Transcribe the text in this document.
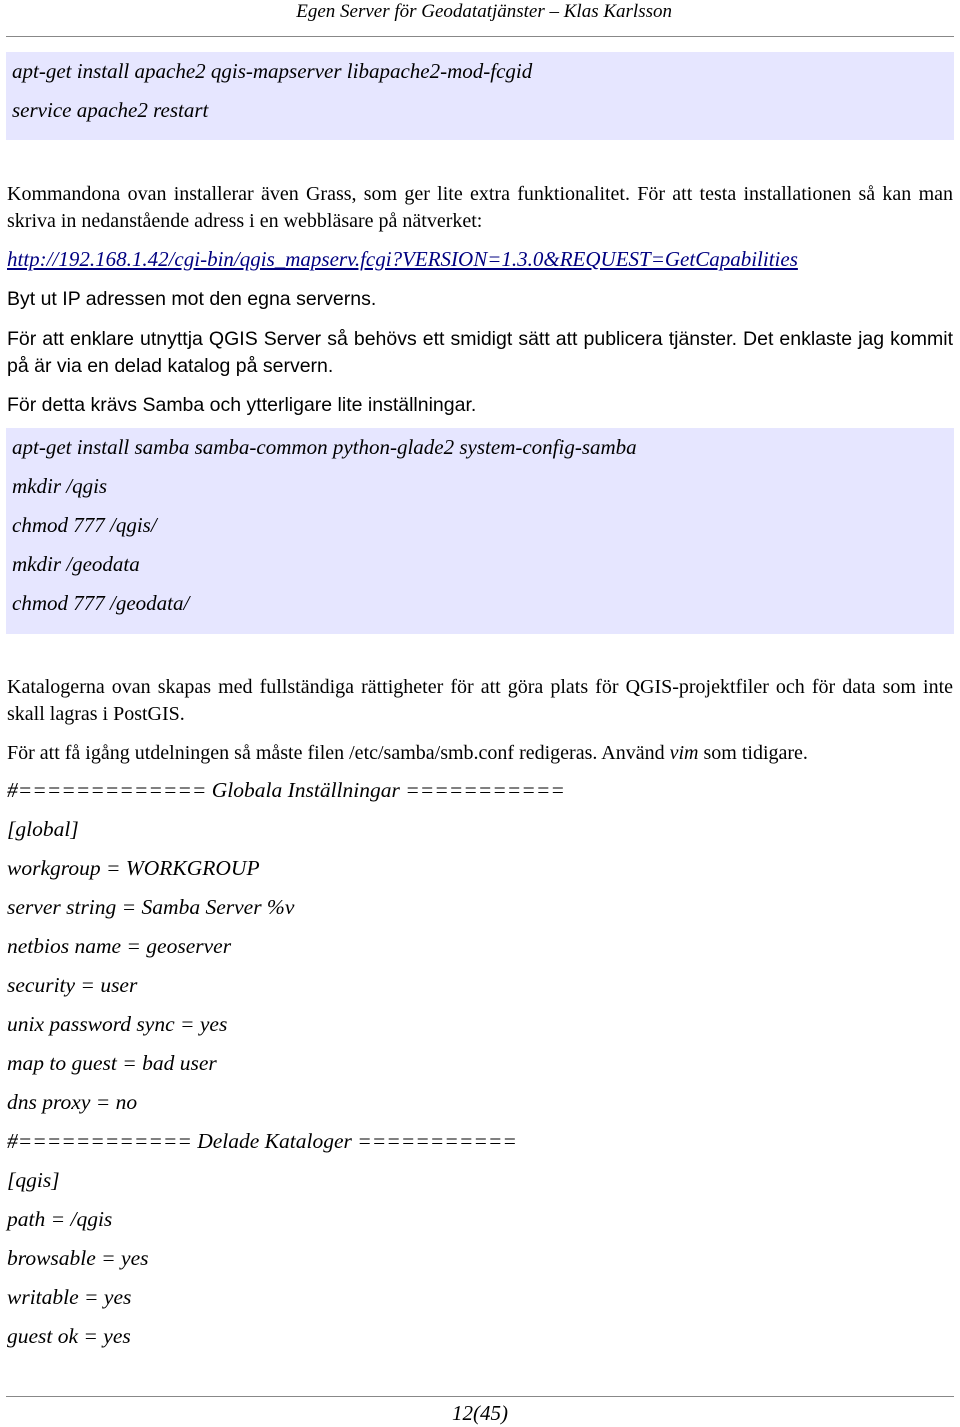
Egen Server för Geodatatjänster – Klas Karlsson
apt-get install apache2 qgis-mapserver libapache2-mod-fcgid
service apache2 restart
Kommandona ovan installerar även Grass, som ger lite extra funktionalitet. För att testa installationen så kan man skriva in nedanstående adress i en webbläsare på nätverket:
http://192.168.1.42/cgi-bin/qgis_mapserv.fcgi?VERSION=1.3.0&REQUEST=GetCapabilities
Byt ut IP adressen mot den egna serverns.
För att enklare utnyttja QGIS Server så behövs ett smidigt sätt att publicera tjänster. Det enklaste jag kommit på är via en delad katalog på servern.
För detta krävs Samba och ytterligare lite inställningar.
apt-get install samba samba-common python-glade2 system-config-samba
mkdir /qgis
chmod 777 /qgis/
mkdir /geodata
chmod 777 /geodata/
Katalogerna ovan skapas med fullständiga rättigheter för att göra plats för QGIS-projektfiler och för data som inte skall lagras i PostGIS.
För att få igång utdelningen så måste filen /etc/samba/smb.conf redigeras. Använd vim som tidigare.
#============= Globala Inställningar ===========
[global]
workgroup = WORKGROUP
server string = Samba Server %v
netbios name = geoserver
security = user
unix password sync = yes
map to guest = bad user
dns proxy = no
#============ Delade Kataloger ===========
[qgis]
path = /qgis
browsable = yes
writable = yes
guest ok = yes
12(45)
